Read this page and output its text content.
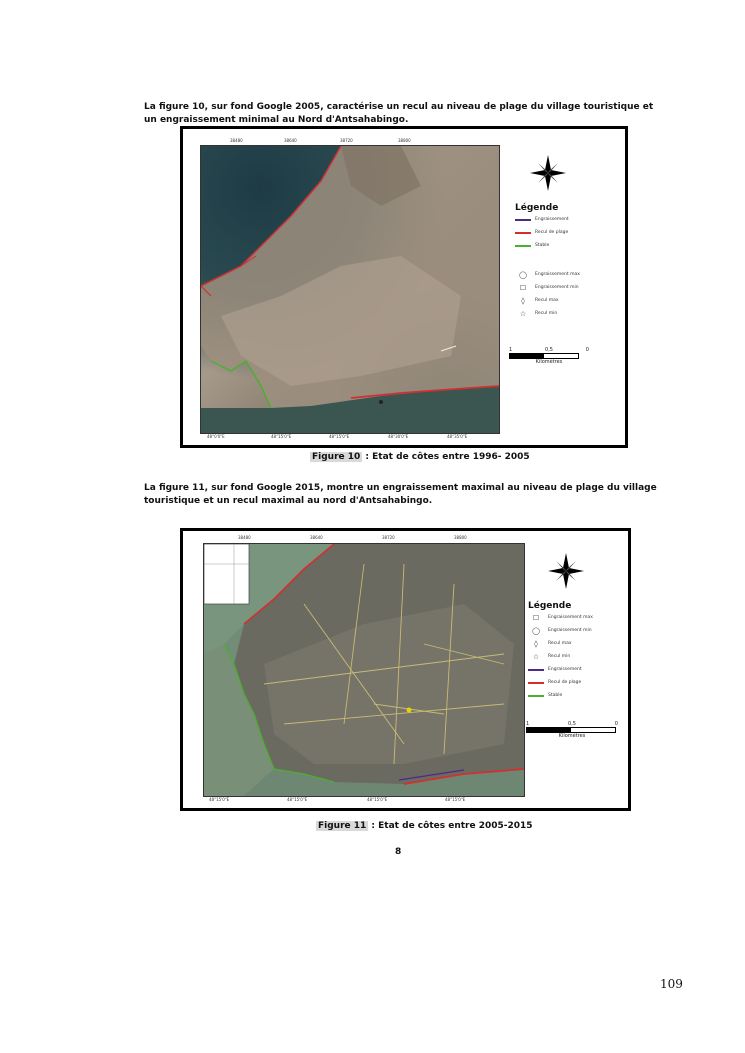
La figure 10, sur fond Google 2005, caractérise un recul au niveau de plage du village touristique et un engraissement minimal au Nord d'Antsahabingo.
38480	38640	38720	38800
48°0'0"E	48°15'0"E	48°15'0"E	48°30'0"E	48°35'0"E
Légende
Engraissement
Recul de plage
Stable
◯	Engraissement max
☐	Engraissement min
◊	Recul max
☆	Recul min
1	0,5	0
Kilomètres
Figure 10 : Etat de côtes entre 1996- 2005
La figure 11, sur fond Google 2015, montre un engraissement maximal au niveau de plage du village touristique et un recul maximal au nord d'Antsahabingo.
38480	38640	38720	38800
48°15'0"E	48°15'0"E	48°15'0"E	48°15'0"E
Légende
☐	Engraissement max
◯	Engraissement min
◊	Recul max
☆	Recul min
Engraissement
Recul de plage
Stable
1	0,5	0
Kilomètres
Figure 11 : Etat de côtes entre 2005-2015
8
109
